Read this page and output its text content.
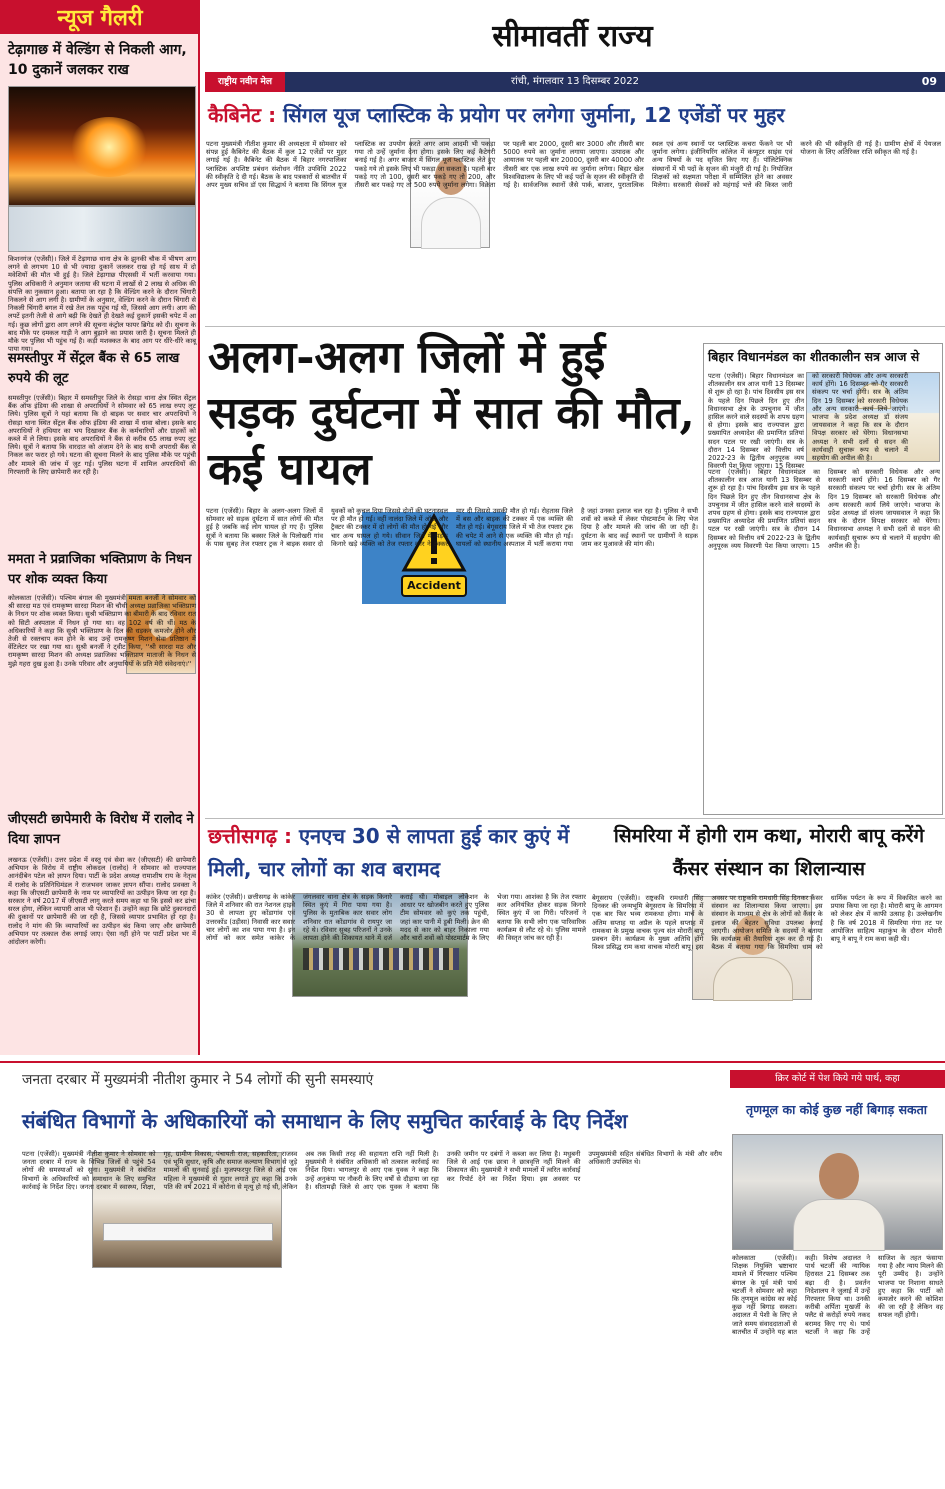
न्यूज गैलरी
टेढ़ागाछ में वेल्डिंग से निकली आग, 10 दुकानें जलकर राख
किशनगंज (एजेंसी)। जिले में टेढ़ागाछ थाना क्षेत्र के झुनकी चौक में भीषण आग लगने से लगभग 10 से भी ज्यादा दुकानें जलकर राख हो गई साथ में दो मवेशियों की मौत भी हुई है। जिले टेढ़ागाछ पीएससी में भर्ती करवाया गया। पुलिस अधिकारी ने अनुमान जताया की घटना में लाखों से 2 लाख से अधिक की संपत्ति का नुकसान हुआ। बताया जा रहा है कि वेल्डिंग करने के दौरान चिंगारी निकलने से आग लगी है। ग्रामीणों के अनुसार, वेल्डिंग करने के दौरान चिंगारी से निकली चिंगारी बगल में रखे तेल तक पहुंच गई थी, जिससे आग लगी। आग की लपटें इतनी तेजी से आगे बढ़ी कि देखते ही देखते कई दुकानें इसकी चपेट में आ गई। कुछ लोगों द्वारा आग लगने की सूचना कंट्रोल फायर ब्रिगेड को दी। सूचना के बाद मौके पर दमकल गाड़ी ने आग बुझाने का प्रयास जारी है। सूचना मिलते ही मौके पर पुलिस भी पहुंच गई है। कड़ी मशक्कत के बाद आग पर धीरे-धीरे काबू पाया गया।
समस्तीपुर में सेंट्रल बैंक से 65 लाख रुपये की लूट
समस्तीपुर (एजेंसी)। बिहार में समस्तीपुर जिले के रोसड़ा थाना क्षेत्र स्थित सेंट्रल बैंक ऑफ इंडिया की शाखा से अपराधियों ने सोमवार को 65 लाख रुपए लूट लिये। पुलिस सूत्रों ने यहां बताया कि दो बाइक पर सवार चार अपराधियों ने रोसड़ा थाना स्थित सेंट्रल बैंक ऑफ इंडिया की शाखा में धावा बोला। इसके बाद अपराधियों ने हथियार का भय दिखाकर बैंक के कर्मचारियों और ग्राहकों को कब्जे में ले लिया। इसके बाद अपराधियों ने बैंक से करीब 65 लाख रुपए लूट लिये। सूत्रों ने बताया कि वारदात को अंजाम देने के बाद सभी अपराधी बैंक से निकल कर फरार हो गये। घटना की सूचना मिलने के बाद पुलिस मौके पर पहुंची और मामले की जांच में जुट गई। पुलिस घटना में शामिल अपराधियों की गिरफ्तारी के लिए छापेमारी कर रही है।
ममता ने प्रव्राजिका भक्तिप्राण के निधन पर शोक व्यक्त किया
कोलकाता (एजेंसी)। पश्चिम बंगाल की मुख्यमंत्री ममता बनर्जी ने सोमवार को श्री सारदा मठ एवं रामकृष्ण सारदा मिशन की चौथी अध्यक्ष प्रव्राजिका भक्तिप्राण के निधन पर शोक व्यक्त किया। सुश्री भक्तिप्राण का बीमारी के बाद रविवार रात को सिटी अस्पताल में निधन हो गया था। वह 102 वर्ष की थीं। मठ के अधिकारियों ने कहा कि सुश्री भक्तिप्राण के दिल की धड़कन कमजोर होने और तेजी से रक्तचाप कम होने के बाद उन्हें रामकृष्ण मिशन सेवा प्रतिष्ठान में वेंटिलेटर पर रखा गया था। सुश्री बनर्जी ने ट्वीट किया, ''श्री सारदा मठ और रामकृष्ण सारदा मिशन की अध्यक्ष प्रव्राजिका भक्तिप्राण माताजी के निधन से मुझे गहरा दुख हुआ है। उनके परिवार और अनुयायियों के प्रति मेरी संवेदनाएं।''
जीएसटी छापेमारी के विरोध में रालोद ने दिया ज्ञापन
लखनऊ (एजेंसी)। उत्तर प्रदेश में वस्तु एवं सेवा कर (जीएसटी) की छापेमारी अभियान के विरोध में राष्ट्रीय लोकदल (रालोद) ने सोमवार को राज्यपाल आनंदीबेन पटेल को ज्ञापन दिया। पार्टी के प्रदेश अध्यक्ष रामाशीष राय के नेतृत्व में रालोद के प्रतिनिधिमंडल ने राजभवन जाकर ज्ञापन सौंपा। रालोद प्रवक्ता ने कहा कि जीएसटी छापेमारी के नाम पर व्यापारियों का उत्पीड़न किया जा रहा है। सरकार ने वर्ष 2017 में जीएसटी लागू करते समय कहा था कि इससे कर ढांचा सरल होगा, लेकिन व्यापारी आज भी परेशान हैं। उन्होंने कहा कि छोटे दुकानदारों की दुकानों पर छापेमारी की जा रही है, जिससे व्यापार प्रभावित हो रहा है। रालोद ने मांग की कि व्यापारियों का उत्पीड़न बंद किया जाए और छापेमारी अभियान पर तत्काल रोक लगाई जाए। ऐसा नहीं होने पर पार्टी प्रदेश भर में आंदोलन करेगी।
सीमावर्ती राज्य
राष्ट्रीय नवीन मेल	रांची, मंगलवार 13 दिसम्बर 2022	09
कैबिनेट : सिंगल यूज प्लास्टिक के प्रयोग पर लगेगा जुर्माना, 12 एजेंडों पर मुहर
पटना मुख्यमंत्री नीतीश कुमार की अध्यक्षता में सोमवार को संपन्न हुई कैबिनेट की बैठक में कुल 12 एजेंडों पर मुहर लगाई गई है। कैबिनेट की बैठक में बिहार नगरपालिका प्लास्टिक अपशिष्ट प्रबंधन संशोधन नीति उपविधि 2022 की स्वीकृति दे दी गई। बैठक के बाद पत्रकारों से बातचीत में अपर मुख्य सचिव डॉ एस सिद्धार्थ ने बताया कि सिंगल यूज प्लास्टिक का उपयोग करते अगर आम आदमी भी पकड़ा गया तो उन्हें जुर्माना देना होगा। इसके लिए कई कैटेगरी बनाई गई है। अगर बाजार में सिंगल यूज प्लास्टिक लेते हुए पकड़े गये तो इसके लिए भी पकड़ा जा सकता है। पहली बार पकड़े गए तो 100, दूसरी बार पकड़े गए तो 200, और तीसरी बार पकड़े गए तो 500 रुपये जुर्माना लगेगा। विक्रेता पर पहली बार 2000, दूसरी बार 3000 और तीसरी बार 5000 रुपये का जुर्माना लगाया जाएगा। उत्पादक और आयातक पर पहली बार 20000, दूसरी बार 40000 और तीसरी बार एक लाख रुपये का जुर्माना लगेगा। बिहार खेल विश्वविद्यालय के लिए भी कई पदों के सृजन की स्वीकृति दी गई है। सार्वजनिक स्थानों जैसे पार्क, बाजार, पुरातात्विक स्थल एवं अन्य स्थानों पर प्लास्टिक कचरा फेंकने पर भी जुर्माना लगेगा। इंजीनियरिंग कॉलेज में कंप्यूटर साइंस एवं अन्य विषयों के पद सृजित किए गए हैं। पॉलिटेक्निक संस्थानों में भी पदों के सृजन की मंजूरी दी गई है। नियोजित शिक्षकों को सक्षमता परीक्षा में सम्मिलित होने का अवसर मिलेगा। सरकारी सेवकों को महंगाई भत्ते की किस्त जारी करने की भी स्वीकृति दी गई है। ग्रामीण क्षेत्रों में पेयजल योजना के लिए अतिरिक्त राशि स्वीकृत की गई है।
अलग-अलग जिलों में हुई सड़क दुर्घटना में सात की मौत, कई घायल
Accident
पटना (एजेंसी)। बिहार के अलग-अलग जिलों में सोमवार को सड़क दुर्घटना में सात लोगों की मौत हुई है जबकि कई लोग घायल हो गए हैं। पुलिस सूत्रों ने बताया कि बक्सर जिले के पिलोखरी गांव के पास सुबह तेज रफ्तार ट्रक ने बाइक सवार दो युवकों को कुचल दिया जिससे दोनों की घटनास्थल पर ही मौत हो गई। वहीं नालंदा जिले में ऑटो और ट्रैक्टर की टक्कर में दो लोगों की मौत हो गई और चार अन्य घायल हो गये। सीवान जिले में सड़क किनारे खड़े व्यक्ति को तेज रफ्तार कार ने टक्कर मार दी जिससे उसकी मौत हो गई। रोहतास जिले में बस और बाइक की टक्कर में एक व्यक्ति की मौत हो गई। बेगूसराय जिले में भी तेज रफ्तार ट्रक की चपेट में आने से एक व्यक्ति की मौत हो गई। घायलों को स्थानीय अस्पताल में भर्ती कराया गया है जहां उनका इलाज चल रहा है। पुलिस ने सभी शवों को कब्जे में लेकर पोस्टमार्टम के लिए भेज दिया है और मामले की जांच की जा रही है। दुर्घटना के बाद कई स्थानों पर ग्रामीणों ने सड़क जाम कर मुआवजे की मांग की।
बिहार विधानमंडल का शीतकालीन सत्र आज से
पटना (एजेंसी)। बिहार विधानमंडल का शीतकालीन सत्र आज यानी 13 दिसम्बर से शुरू हो रहा है। पांच दिवसीय इस सत्र के पहले दिन पिछले दिन हुए तीन विधानसभा क्षेत्र के उपचुनाव में जीत हासिल करने वाले सदस्यों के शपथ ग्रहण से होगा। इसके बाद राज्यपाल द्वारा प्रख्यापित अध्यादेश की प्रमाणित प्रतियां सदन पटल पर रखी जाएंगी। सत्र के दौरान 14 दिसम्बर को वित्तीय वर्ष 2022-23 के द्वितीय अनुपूरक व्यय विवरणी पेश किया जाएगा। 15 दिसम्बर
पटना (एजेंसी)। बिहार विधानमंडल का शीतकालीन सत्र आज यानी 13 दिसम्बर से शुरू हो रहा है। पांच दिवसीय इस सत्र के पहले दिन पिछले दिन हुए तीन विधानसभा क्षेत्र के उपचुनाव में जीत हासिल करने वाले सदस्यों के शपथ ग्रहण से होगा। इसके बाद राज्यपाल द्वारा प्रख्यापित अध्यादेश की प्रमाणित प्रतियां सदन पटल पर रखी जाएंगी। सत्र के दौरान 14 दिसम्बर को वित्तीय वर्ष 2022-23 के द्वितीय अनुपूरक व्यय विवरणी पेश किया जाएगा। 15 दिसम्बर को सरकारी विधेयक और अन्य सरकारी कार्य होंगे। 16 दिसम्बर को गैर सरकारी संकल्प पर चर्चा होगी। सत्र के अंतिम दिन 19 दिसम्बर को सरकारी विधेयक और अन्य सरकारी कार्य लिये जाएंगे। भाजपा के प्रदेश अध्यक्ष डॉ संजय जायसवाल ने कहा कि सत्र के दौरान विपक्ष सरकार को घेरेगा। विधानसभा अध्यक्ष ने सभी दलों से सदन की कार्यवाही सुचारू रूप से चलाने में सहयोग की अपील की है।
छत्तीसगढ़ : एनएच 30 से लापता हुई कार कुएं में मिली, चार लोगों का शव बरामद
कांकेर (एजेंसी)। छत्तीसगढ़ के कांकेर जिले में शनिवार की रात नेशनल हाइवे 30 से लापता हुए कोंडागांव एवं उत्तरकोंड (उड़ीसा) निवासी कार सवार चार लोगों का शव पाया गया है। इन लोगों को कार समेत कांकेर के जंगलवार थाना क्षेत्र के सड़क किनारे स्थित कुएं में गिरा पाया गया है। पुलिस के मुताबिक कार सवार लोग शनिवार रात कोंडागांव से रायपुर जा रहे थे। रविवार सुबह परिजनों ने उनके लापता होने की शिकायत थाने में दर्ज कराई थी। मोबाइल लोकेशन के आधार पर खोजबीन करते हुए पुलिस टीम सोमवार को कुएं तक पहुंची, जहां कार पानी में डूबी मिली। क्रेन की मदद से कार को बाहर निकाला गया और चारों शवों को पोस्टमार्टम के लिए भेजा गया। आशंका है कि तेज रफ्तार कार अनियंत्रित होकर सड़क किनारे स्थित कुएं में जा गिरी। परिजनों ने बताया कि सभी लोग एक पारिवारिक कार्यक्रम से लौट रहे थे। पुलिस मामले की विस्तृत जांच कर रही है।
सिमरिया में होगी राम कथा, मोरारी बापू करेंगे कैंसर संस्थान का शिलान्यास
बेगूसराय (एजेंसी)। राष्ट्रकवि रामधारी सिंह दिनकर की जन्मभूमि बेगूसराय के सिमरिया में एक बार फिर भव्य रामकथा होगा। मार्च के अंतिम सप्ताह या अप्रैल के पहले सप्ताह में रामकथा के प्रमुख वाचक पूज्य संत मोरारी बापू प्रवचन देंगे। कार्यक्रम के मुख्य अतिथि होंगे विश्व प्रसिद्ध राम कथा वाचक मोरारी बापू। इस अवसर पर राष्ट्रकवि रामधारी सिंह दिनकर कैंसर संस्थान का शिलान्यास किया जाएगा। इस संस्थान के माध्यम से क्षेत्र के लोगों को कैंसर के इलाज की बेहतर सुविधा उपलब्ध कराई जाएगी। आयोजन समिति के सदस्यों ने बताया कि कार्यक्रम की तैयारियां शुरू कर दी गई हैं। बैठक में बताया गया कि सिमरिया धाम को धार्मिक पर्यटन के रूप में विकसित करने का प्रयास किया जा रहा है। मोरारी बापू के आगमन को लेकर क्षेत्र में काफी उत्साह है। उल्लेखनीय है कि वर्ष 2018 में सिमरिया गंगा तट पर आयोजित साहित्य महाकुंभ के दौरान मोरारी बापू ने बापू ने राम कथा कही थी।
जनता दरबार में मुख्यमंत्री नीतीश कुमार ने 54 लोगों की सुनी समस्याएं
संबंधित विभागों के अधिकारियों को समाधान के लिए समुचित कार्रवाई के दिए निर्देश
पटना (एजेंसी)। मुख्यमंत्री नीतीश कुमार ने सोमवार को जनता दरबार में राज्य के विभिन्न जिलों से पहुंचे 54 लोगों की समस्याओं को सुना। मुख्यमंत्री ने संबंधित विभागों के अधिकारियों को समाधान के लिए समुचित कार्रवाई के निर्देश दिए। जनता दरबार में स्वास्थ्य, शिक्षा, गृह, ग्रामीण विकास, पंचायती राज, सहकारिता, राजस्व एवं भूमि सुधार, कृषि और समाज कल्याण विभाग से जुड़े मामलों की सुनवाई हुई। मुजफ्फरपुर जिले से आई एक महिला ने मुख्यमंत्री से गुहार लगाते हुए कहा कि उनके पति की वर्ष 2021 में कोरोना से मृत्यु हो गई थी, लेकिन अब तक किसी तरह की सहायता राशि नहीं मिली है। मुख्यमंत्री ने संबंधित अधिकारी को तत्काल कार्रवाई का निर्देश दिया। भागलपुर से आए एक युवक ने कहा कि उन्हें अनुकंपा पर नौकरी के लिए वर्षों से दौड़ाया जा रहा है। सीतामढ़ी जिले से आए एक युवक ने बताया कि उनकी जमीन पर दबंगों ने कब्जा कर लिया है। मधुबनी जिले से आई एक छात्रा ने छात्रवृत्ति नहीं मिलने की शिकायत की। मुख्यमंत्री ने सभी मामलों में त्वरित कार्रवाई कर रिपोर्ट देने का निर्देश दिया। इस अवसर पर उपमुख्यमंत्री सहित संबंधित विभागों के मंत्री और वरीय अधिकारी उपस्थित थे।
क्रिर कोर्ट में पेश किये गये पार्थ, कहा
तृणमूल का कोई कुछ नहीं बिगाड़ सकता
कोलकाता (एजेंसी)। शिक्षक नियुक्ति भ्रष्टाचार मामले में गिरफ्तार पश्चिम बंगाल के पूर्व मंत्री पार्थ चटर्जी ने सोमवार को कहा कि तृणमूल कांग्रेस का कोई कुछ नहीं बिगाड़ सकता। अदालत में पेशी के लिए ले जाते समय संवाददाताओं से बातचीत में उन्होंने यह बात कही। विशेष अदालत ने पार्थ चटर्जी की न्यायिक हिरासत 21 दिसम्बर तक बढ़ा दी है। प्रवर्तन निदेशालय ने जुलाई में उन्हें गिरफ्तार किया था। उनकी करीबी अर्पिता मुखर्जी के फ्लैट से करोड़ों रुपये नकद बरामद किए गए थे। पार्थ चटर्जी ने कहा कि उन्हें साजिश के तहत फंसाया गया है और न्याय मिलने की पूरी उम्मीद है। उन्होंने भाजपा पर निशाना साधते हुए कहा कि पार्टी को कमजोर करने की कोशिश की जा रही है लेकिन वह सफल नहीं होगी।
